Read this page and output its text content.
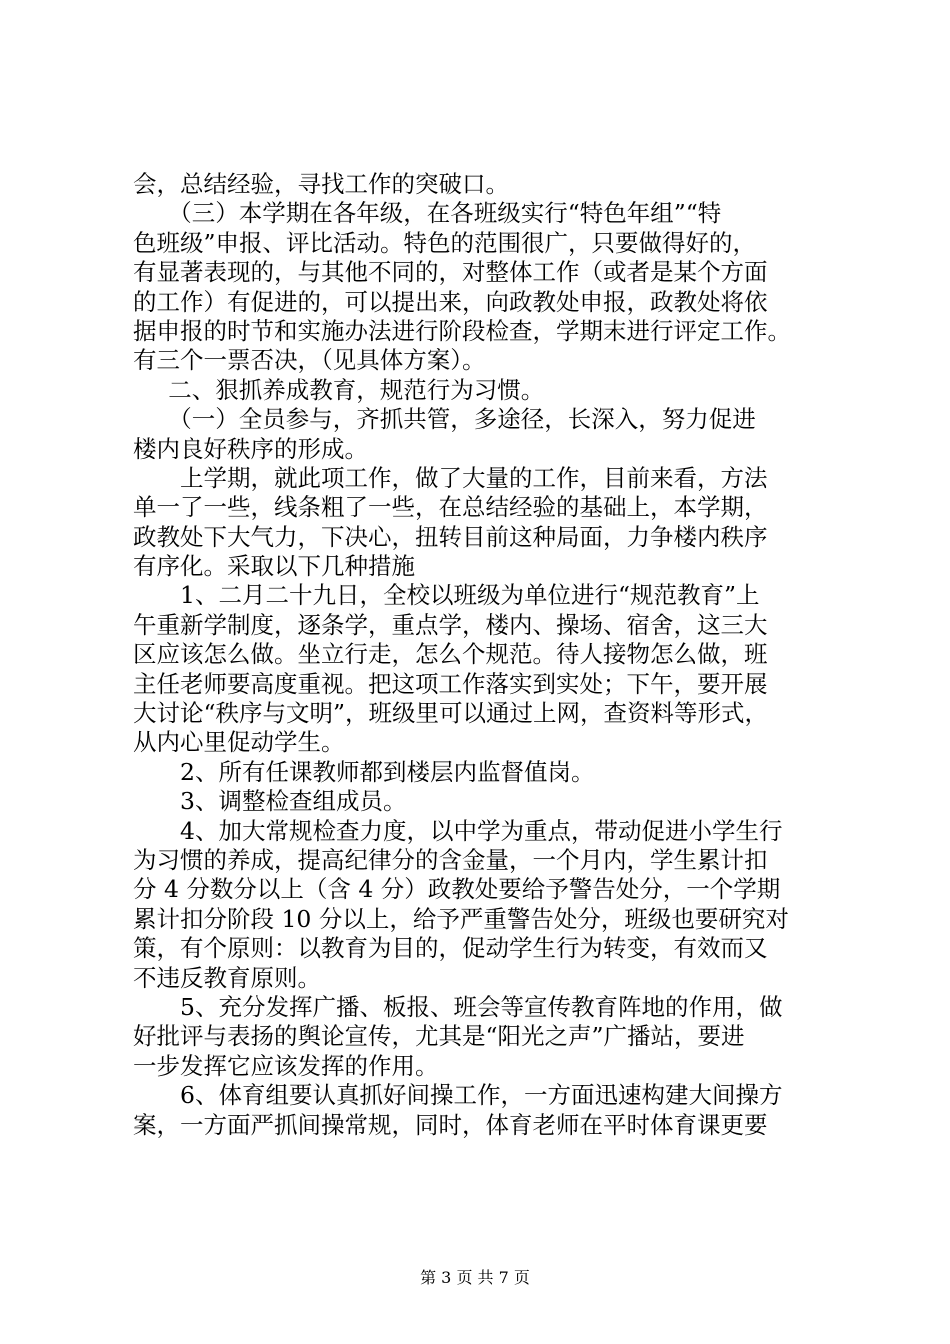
会，总结经验，寻找工作的突破口。
（三）本学期在各年级，在各班级实行“特色年组”“特
色班级”申报、评比活动。特色的范围很广，只要做得好的，
有显著表现的，与其他不同的，对整体工作（或者是某个方面
的工作）有促进的，可以提出来，向政教处申报，政教处将依
据申报的时节和实施办法进行阶段检查，学期末进行评定工作。
有三个一票否决，（见具体方案）。
二、狠抓养成教育，规范行为习惯。
（一）全员参与，齐抓共管，多途径，长深入，努力促进
楼内良好秩序的形成。
上学期，就此项工作，做了大量的工作，目前来看，方法
单一了一些，线条粗了一些，在总结经验的基础上，本学期，
政教处下大气力，下决心，扭转目前这种局面，力争楼内秩序
有序化。采取以下几种措施
1、二月二十九日，全校以班级为单位进行“规范教育”上
午重新学制度，逐条学，重点学，楼内、操场、宿舍，这三大
区应该怎么做。坐立行走，怎么个规范。待人接物怎么做，班
主任老师要高度重视。把这项工作落实到实处；下午，要开展
大讨论“秩序与文明”，班级里可以通过上网，查资料等形式，
从内心里促动学生。
2、所有任课教师都到楼层内监督值岗。
3、调整检查组成员。
4、加大常规检查力度，以中学为重点，带动促进小学生行
为习惯的养成，提高纪律分的含金量，一个月内，学生累计扣
分 4 分数分以上（含 4 分）政教处要给予警告处分，一个学期
累计扣分阶段 10 分以上，给予严重警告处分，班级也要研究对
策，有个原则：以教育为目的，促动学生行为转变，有效而又
不违反教育原则。
5、充分发挥广播、板报、班会等宣传教育阵地的作用，做
好批评与表扬的舆论宣传，尤其是“阳光之声”广播站，要进
一步发挥它应该发挥的作用。
6、体育组要认真抓好间操工作，一方面迅速构建大间操方
案，一方面严抓间操常规，同时，体育老师在平时体育课更要
第 3 页 共 7 页
